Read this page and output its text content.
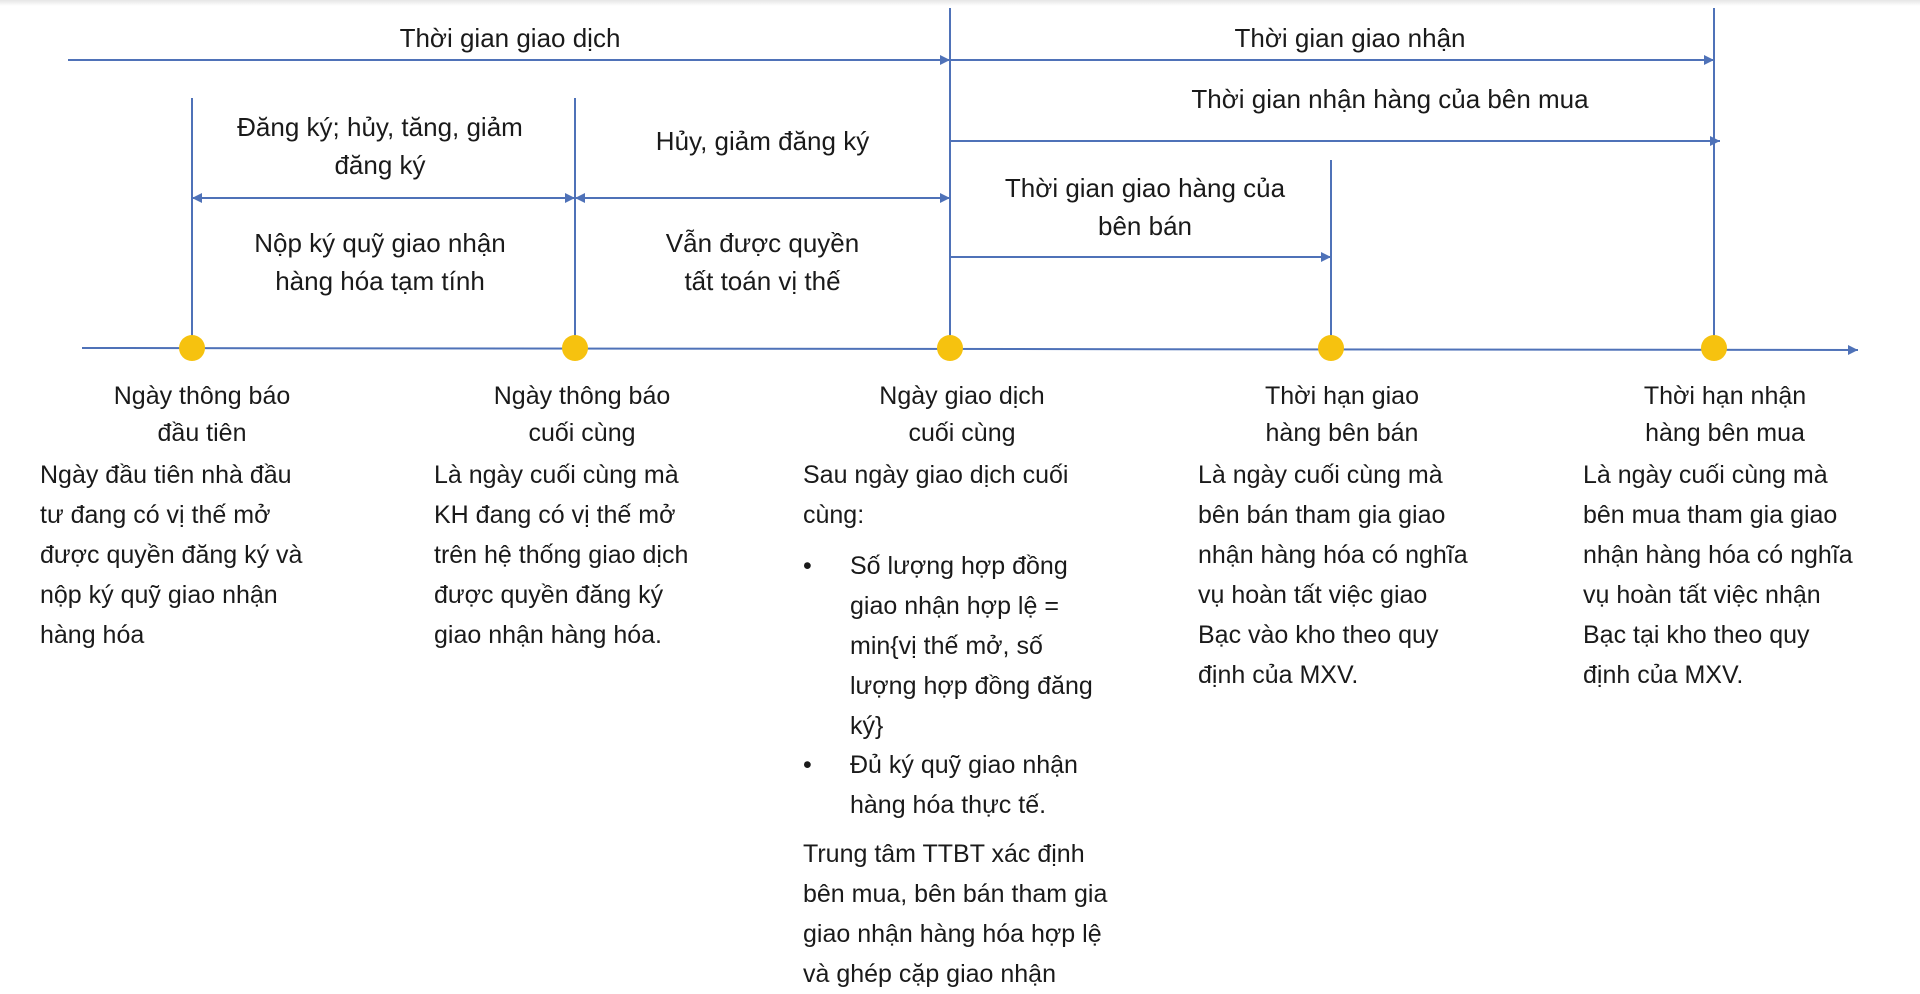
Thời gian giao dịch	Thời gian giao nhận
Thời gian nhận hàng của bên mua
Đăng ký; hủy, tăng, giảm
đăng ký
Nộp ký quỹ giao nhận
hàng hóa tạm tính
Hủy, giảm đăng ký
Vẫn được quyền
tất toán vị thế
Thời gian giao hàng của
bên bán
Ngày thông báo
đầu tiên
Ngày thông báo
cuối cùng
Ngày giao dịch
cuối cùng
Thời hạn giao
hàng bên bán
Thời hạn nhận
hàng bên mua
Ngày đầu tiên nhà đầu
tư đang có vị thế mở
được quyền đăng ký và
nộp ký quỹ giao nhận
hàng hóa
Là ngày cuối cùng mà
KH đang có vị thế mở
trên hệ thống giao dịch
được quyền đăng ký
giao nhận hàng hóa.
Sau ngày giao dịch cuối
cùng:
• Số lượng hợp đồng
giao nhận hợp lệ =
min{vị thế mở, số
lượng hợp đồng đăng
ký}
• Đủ ký quỹ giao nhận
hàng hóa thực tế.
Trung tâm TTBT xác định
bên mua, bên bán tham gia
giao nhận hàng hóa hợp lệ
và ghép cặp giao nhận
Là ngày cuối cùng mà
bên bán tham gia giao
nhận hàng hóa có nghĩa
vụ hoàn tất việc giao
Bạc vào kho theo quy
định của MXV.
Là ngày cuối cùng mà
bên mua tham gia giao
nhận hàng hóa có nghĩa
vụ hoàn tất việc nhận
Bạc tại kho theo quy
định của MXV.
